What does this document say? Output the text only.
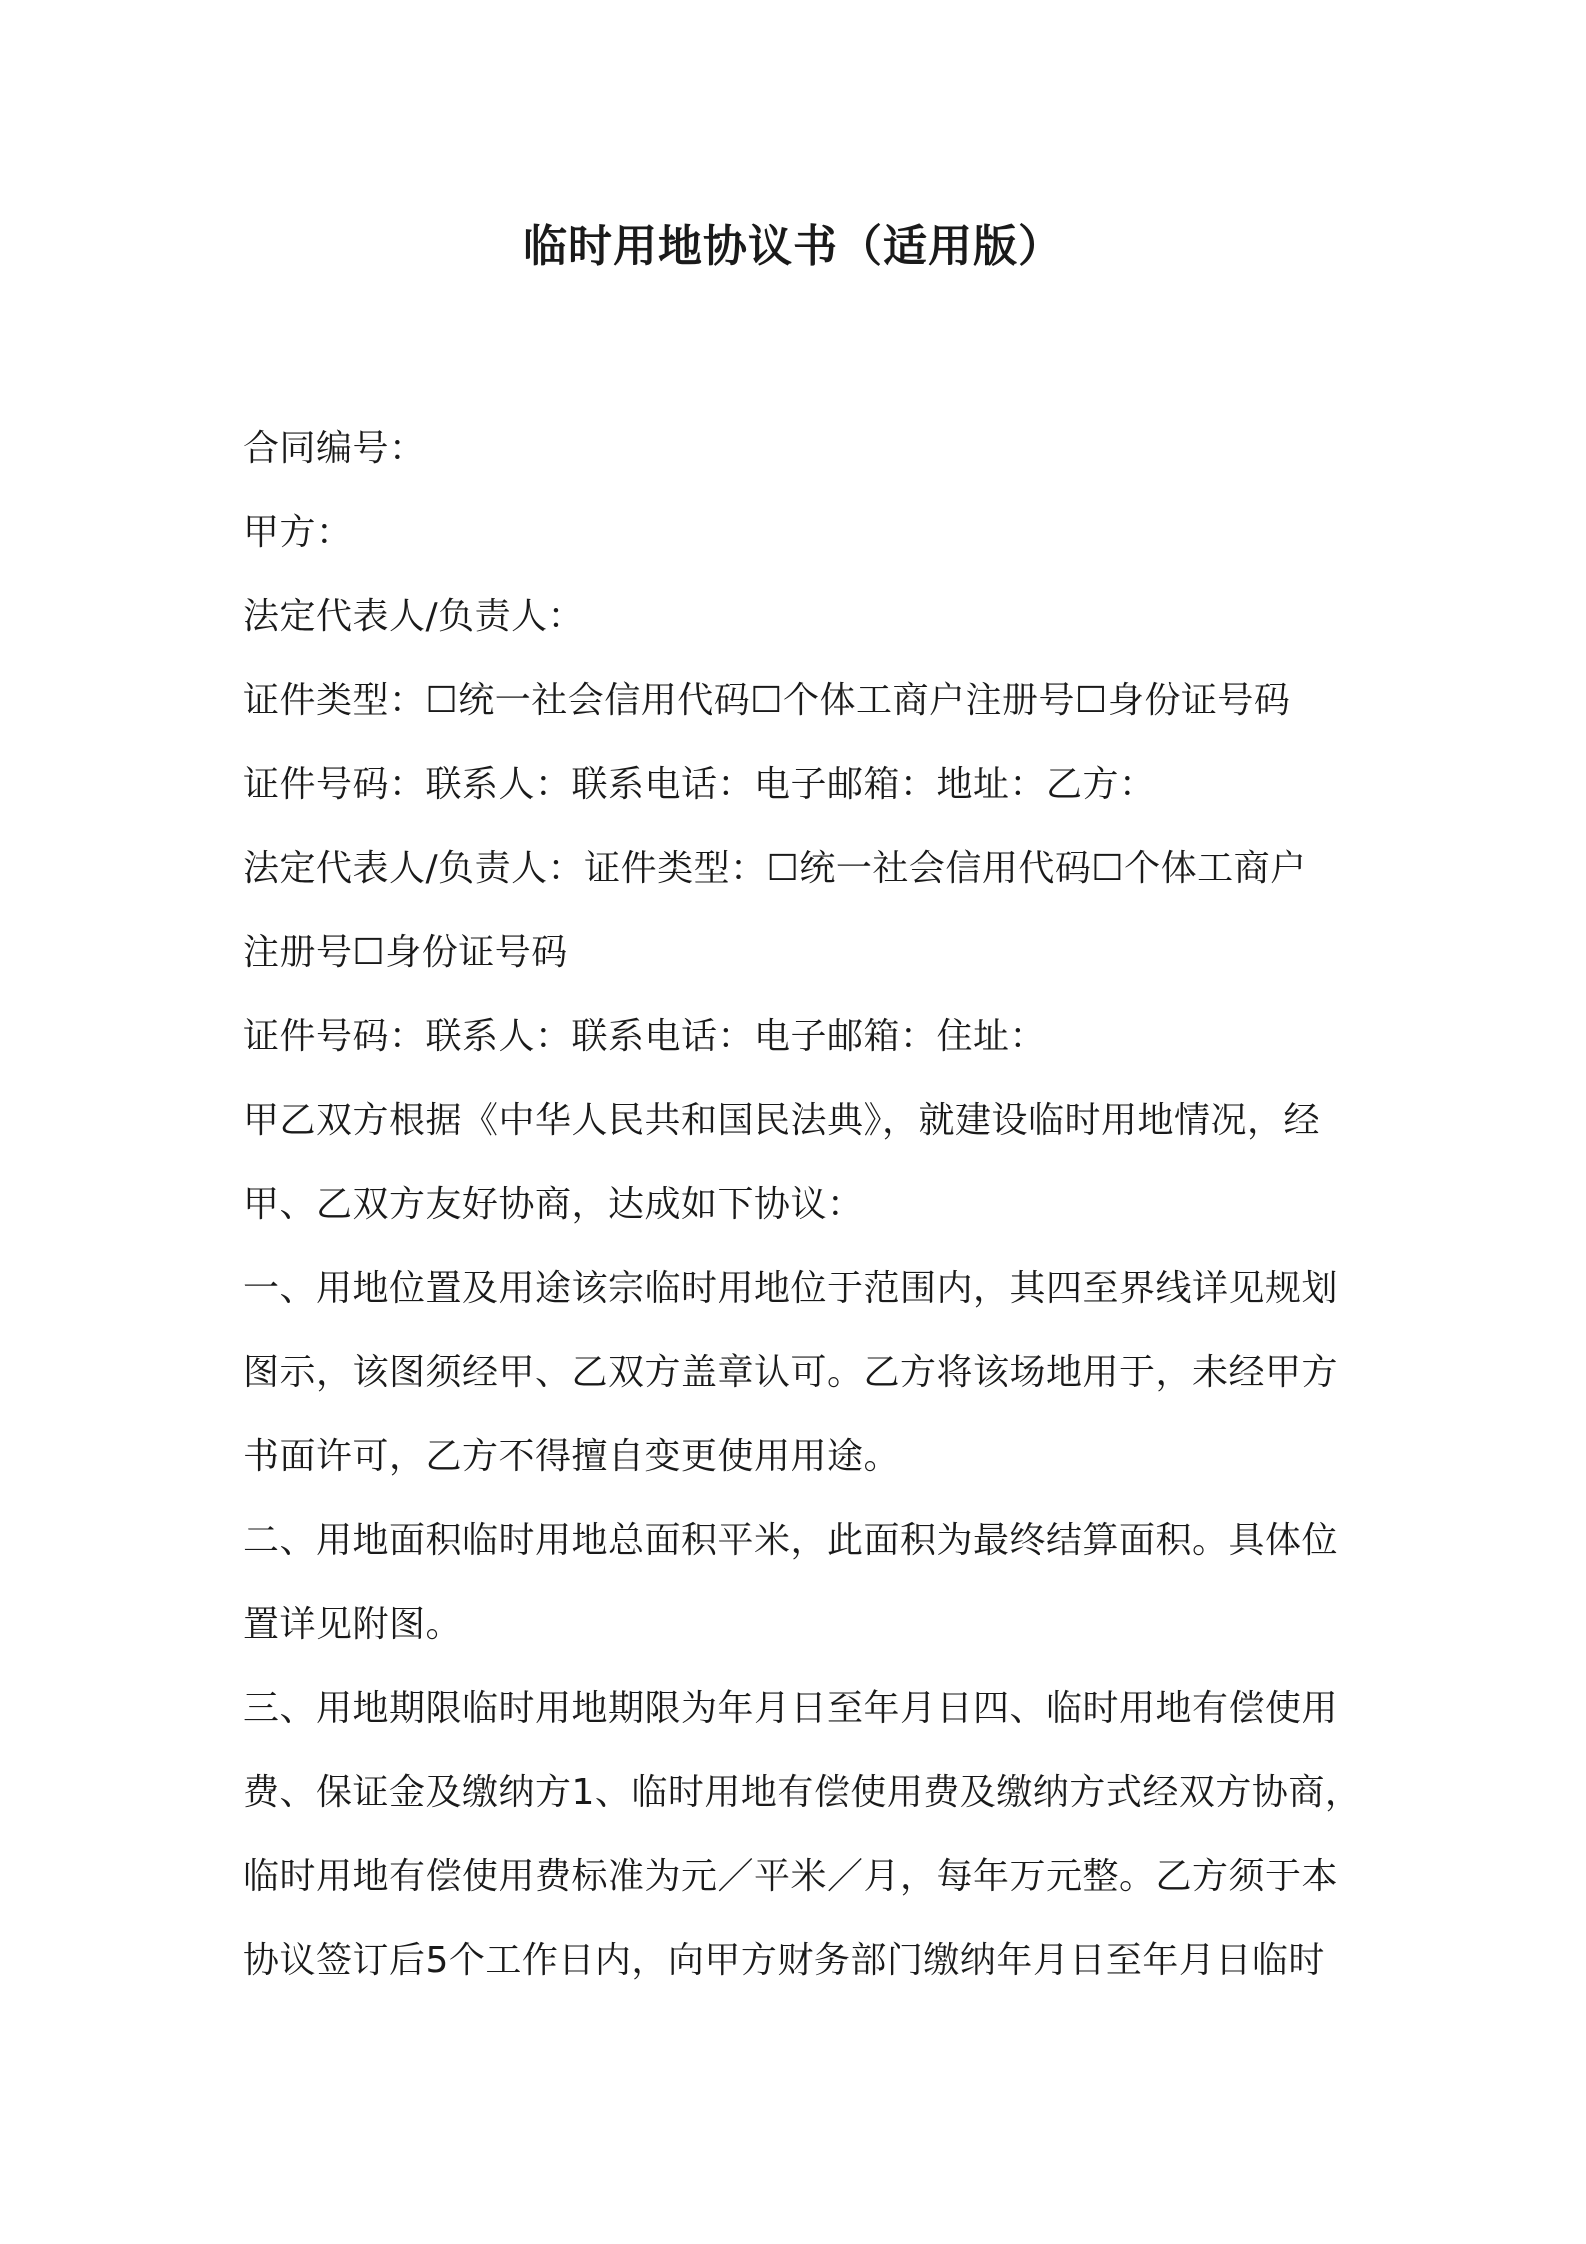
临时用地协议书（适用版）

合同编号：

甲方：

法定代表人/负责人：

证件类型：☐统一社会信用代码☐个体工商户注册号☐身份证号码

证件号码：联系人：联系电话：电子邮箱：地址：乙方：

法定代表人/负责人：证件类型：☐统一社会信用代码☐个体工商户

注册号☐身份证号码

证件号码：联系人：联系电话：电子邮箱：住址：

甲乙双方根据《中华人民共和国民法典》，就建设临时用地情况，经

甲、乙双方友好协商，达成如下协议：

一、用地位置及用途该宗临时用地位于范围内，其四至界线详见规划

图示，该图须经甲、乙双方盖章认可。乙方将该场地用于，未经甲方

书面许可，乙方不得擅自变更使用用途。

二、用地面积临时用地总面积平米，此面积为最终结算面积。具体位

置详见附图。

三、用地期限临时用地期限为年月日至年月日四、临时用地有偿使用

费、保证金及缴纳方1、临时用地有偿使用费及缴纳方式经双方协商，

临时用地有偿使用费标准为元／平米／月，每年万元整。乙方须于本

协议签订后5个工作日内，向甲方财务部门缴纳年月日至年月日临时
